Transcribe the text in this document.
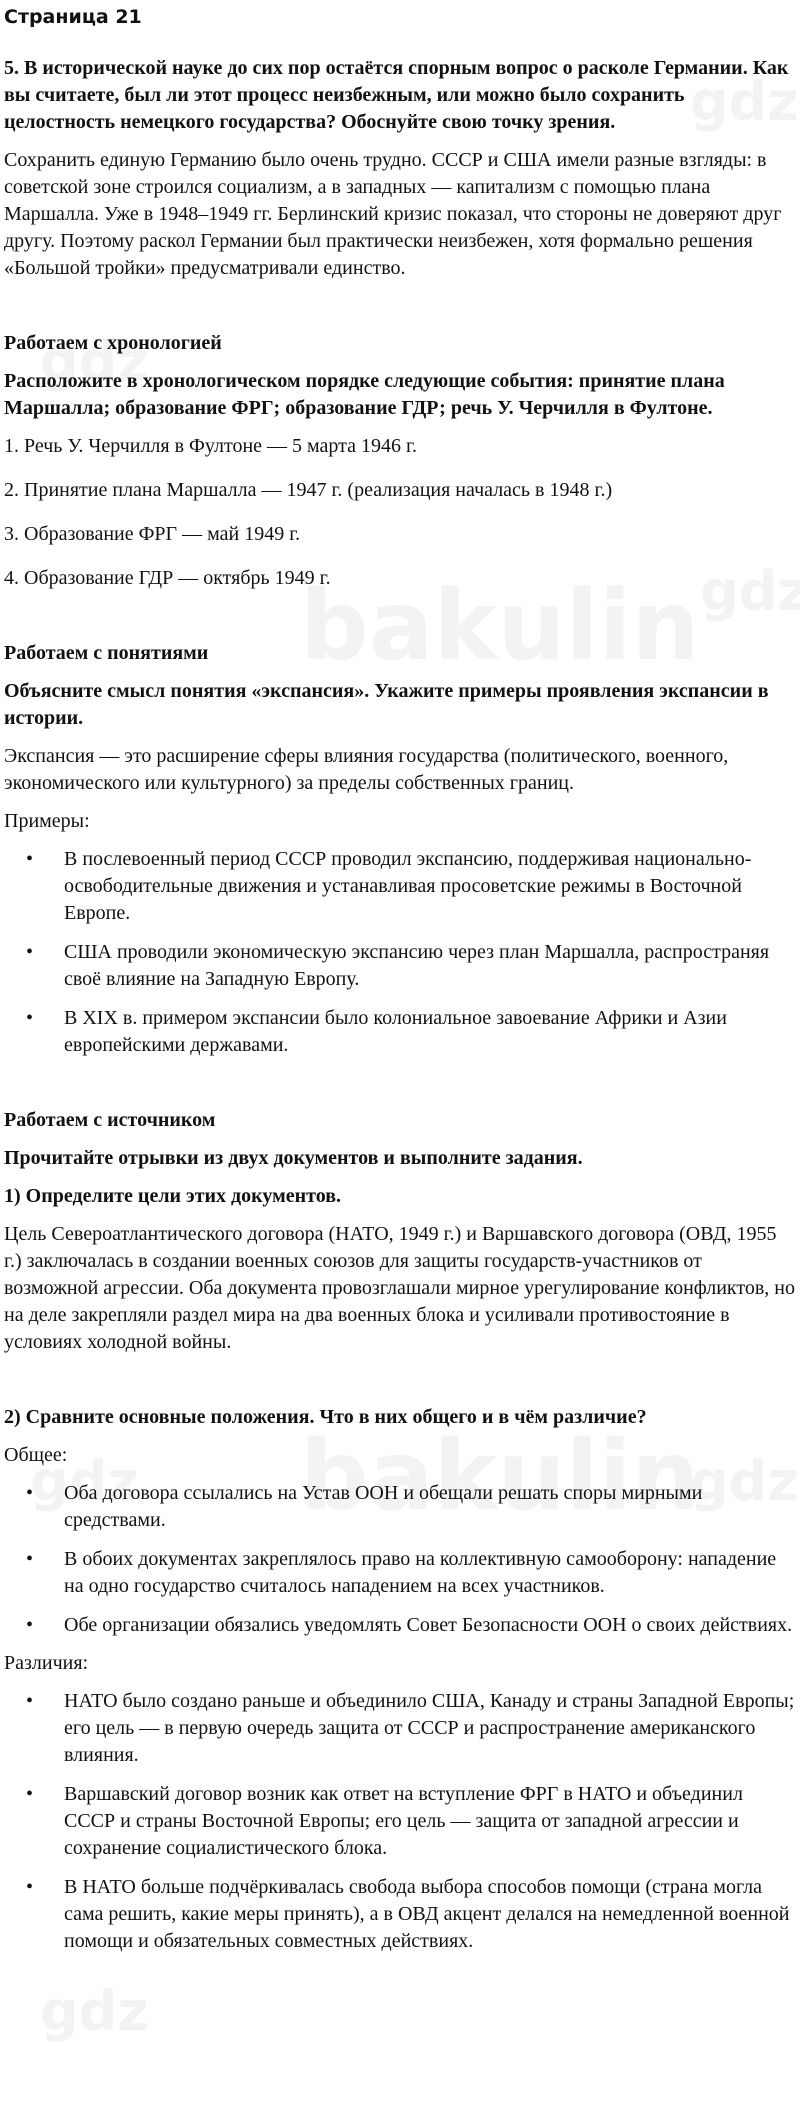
Страница 21
5. В исторической науке до сих пор остаётся спорным вопрос о расколе Германии. Как вы считаете, был ли этот процесс неизбежным, или можно было сохранить целостность немецкого государства? Обоснуйте свою точку зрения.
Сохранить единую Германию было очень трудно. СССР и США имели разные взгляды: в советской зоне строился социализм, а в западных — капитализм с помощью плана Маршалла. Уже в 1948–1949 гг. Берлинский кризис показал, что стороны не доверяют друг другу. Поэтому раскол Германии был практически неизбежен, хотя формально решения «Большой тройки» предусматривали единство.
Работаем с хронологией
Расположите в хронологическом порядке следующие события: принятие плана Маршалла; образование ФРГ; образование ГДР; речь У. Черчилля в Фултоне.
1. Речь У. Черчилля в Фултоне — 5 марта 1946 г.
2. Принятие плана Маршалла — 1947 г. (реализация началась в 1948 г.)
3. Образование ФРГ — май 1949 г.
4. Образование ГДР — октябрь 1949 г.
Работаем с понятиями
Объясните смысл понятия «экспансия». Укажите примеры проявления экспансии в истории.
Экспансия — это расширение сферы влияния государства (политического, военного, экономического или культурного) за пределы собственных границ.
Примеры:
• В послевоенный период СССР проводил экспансию, поддерживая национально-освободительные движения и устанавливая просоветские режимы в Восточной Европе.
• США проводили экономическую экспансию через план Маршалла, распространяя своё влияние на Западную Европу.
• В XIX в. примером экспансии было колониальное завоевание Африки и Азии европейскими державами.
Работаем с источником
Прочитайте отрывки из двух документов и выполните задания.
1) Определите цели этих документов.
Цель Североатлантического договора (НАТО, 1949 г.) и Варшавского договора (ОВД, 1955 г.) заключалась в создании военных союзов для защиты государств-участников от возможной агрессии. Оба документа провозглашали мирное урегулирование конфликтов, но на деле закрепляли раздел мира на два военных блока и усиливали противостояние в условиях холодной войны.
2) Сравните основные положения. Что в них общего и в чём различие?
Общее:
• Оба договора ссылались на Устав ООН и обещали решать споры мирными средствами.
• В обоих документах закреплялось право на коллективную самооборону: нападение на одно государство считалось нападением на всех участников.
• Обе организации обязались уведомлять Совет Безопасности ООН о своих действиях.
Различия:
• НАТО было создано раньше и объединило США, Канаду и страны Западной Европы; его цель — в первую очередь защита от СССР и распространение американского влияния.
• Варшавский договор возник как ответ на вступление ФРГ в НАТО и объединил СССР и страны Восточной Европы; его цель — защита от западной агрессии и сохранение социалистического блока.
• В НАТО больше подчёркивалась свобода выбора способов помощи (страна могла сама решить, какие меры принять), а в ОВД акцент делался на немедленной военной помощи и обязательных совместных действиях.
